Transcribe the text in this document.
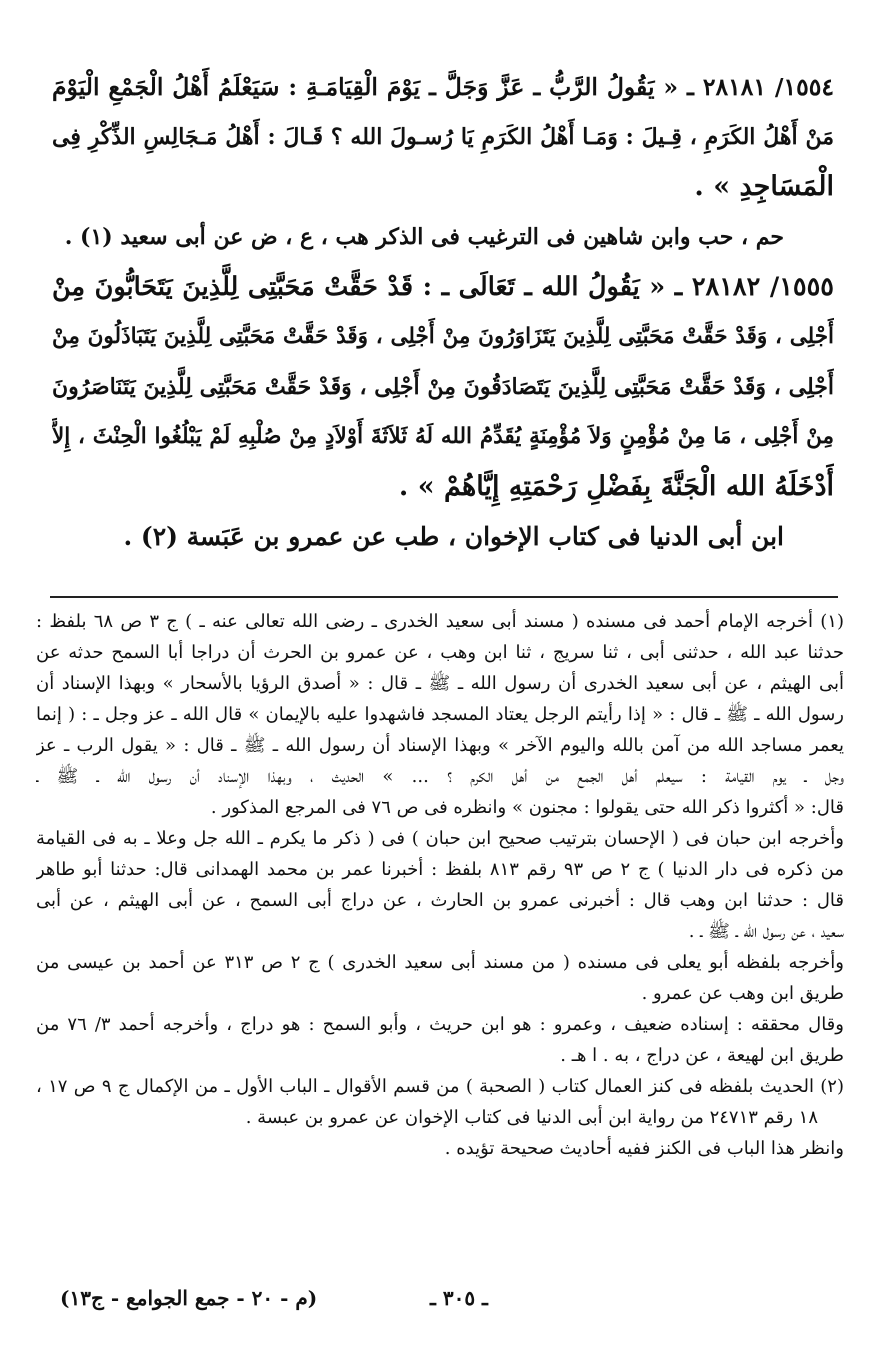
١٥٥٤/ ٢٨١٨١ ـ « يَقُولُ الرَّبُّ ـ عَزَّ وَجَلَّ ـ يَوْمَ الْقِيَامَـةِ : سَيَعْلَمُ أَهْلُ الْجَمْعِ الْيَوْمَ
مَنْ أَهْلُ الكَرَمِ ، قِـيلَ : وَمَـا أَهْلُ الكَرَمِ يَا رُسـولَ الله ؟ قَـالَ : أَهْلُ مَـجَالِسِ الذِّكْرِ فِى
الْمَسَاجِدِ » .
حم ، حب وابن شاهين فى الترغيب فى الذكر هب ، ع ، ض عن أبى سعيد (١) .
١٥٥٥/ ٢٨١٨٢ ـ « يَقُولُ الله ـ تَعَالَى ـ : قَدْ حَقَّتْ مَحَبَّتِى لِلَّذِينَ يَتَحَابُّونَ مِنْ
أَجْلِى ، وَقَدْ حَقَّتْ مَحَبَّتِى لِلَّذِينَ يَتَزَاوَرُونَ مِنْ أَجْلِى ، وَقَدْ حَقَّتْ مَحَبَّتِى لِلَّذِينَ يَتَبَاذَلُونَ مِنْ
أَجْلِى ، وَقَدْ حَقَّتْ مَحَبَّتِى لِلَّذِينَ يَتَصَادَقُونَ مِنْ أَجْلِى ، وَقَدْ حَقَّتْ مَحَبَّتِى لِلَّذِينَ يَتَنَاصَرُونَ
مِنْ أَجْلِى ، مَا مِنْ مُؤْمِنٍ وَلاَ مُؤْمِنَةٍ يُقَدِّمُ الله لَهُ ثَلاَثَةَ أَوْلاَدٍ مِنْ صُلْبِهِ لَمْ يَبْلُغُوا الْحِنْثَ ، إِلاَّ
أَدْخَلَهُ الله الْجَنَّةَ بِفَضْلِ رَحْمَتِهِ إِيَّاهُمْ » .
ابن أبى الدنيا فى كتاب الإخوان ، طب عن عمرو بن عَبَسة (٢) .
(١) أخرجه الإمام أحمد فى مسنده ( مسند أبى سعيد الخدرى ـ رضى الله تعالى عنه ـ ) ج ٣ ص ٦٨ بلفظ :
حدثنا عبد الله ، حدثنى أبى ، ثنا سريج ، ثنا ابن وهب ، عن عمرو بن الحرث أن دراجا أبا السمح حدثه عن
أبى الهيثم ، عن أبى سعيد الخدرى أن رسول الله ـ ﷺ ـ قال : « أصدق الرؤيا بالأسحار » وبهذا الإسناد أن
رسول الله ـ ﷺ ـ قال : « إذا رأيتم الرجل يعتاد المسجد فاشهدوا عليه بالإيمان » قال الله ـ عز وجل ـ : ( إنما
يعمر مساجد الله من آمن بالله واليوم الآخر » وبهذا الإسناد أن رسول الله ـ ﷺ ـ قال : « يقول الرب ـ عز
وجل ـ يوم القيامة : سيعلم أهل الجمع من أهل الكرم ؟ ... » الحديث ، وبهذا الإسناد أن رسول الله ـ ﷺ ـ
قال: « أكثروا ذكر الله حتى يقولوا : مجنون » وانظره فى ص ٧٦ فى المرجع المذكور .
وأخرجه ابن حبان فى ( الإحسان بترتيب صحيح ابن حبان ) فى ( ذكر ما يكرم ـ الله جل وعلا ـ به فى القيامة
من ذكره فى دار الدنيا ) ج ٢ ص ٩٣ رقم ٨١٣ بلفظ : أخبرنا عمر بن محمد الهمدانى قال: حدثنا أبو طاهر
قال : حدثنا ابن وهب قال : أخبرنى عمرو بن الحارث ، عن دراج أبى السمح ، عن أبى الهيثم ، عن أبى
سعيد ، عن رسول الله ـ ﷺ ـ .
وأخرجه بلفظه أبو يعلى فى مسنده ( من مسند أبى سعيد الخدرى ) ج ٢ ص ٣١٣ عن أحمد بن عيسى من
طريق ابن وهب عن عمرو .
وقال محققه : إسناده ضعيف ، وعمرو : هو ابن حريث ، وأبو السمح : هو دراج ، وأخرجه أحمد ٣/ ٧٦ من
طريق ابن لهيعة ، عن دراج ، به . ا هـ .
(٢) الحديث بلفظه فى كنز العمال كتاب ( الصحبة ) من قسم الأقوال ـ الباب الأول ـ من الإكمال ج ٩ ص ١٧ ،
١٨ رقم ٢٤٧١٣ من رواية ابن أبى الدنيا فى كتاب الإخوان عن عمرو بن عبسة .
وانظر هذا الباب فى الكنز ففيه أحاديث صحيحة تؤيده .
(م - ٢٠ - جمع الجوامع - ج١٣)	ـ ٣٠٥ ـ
